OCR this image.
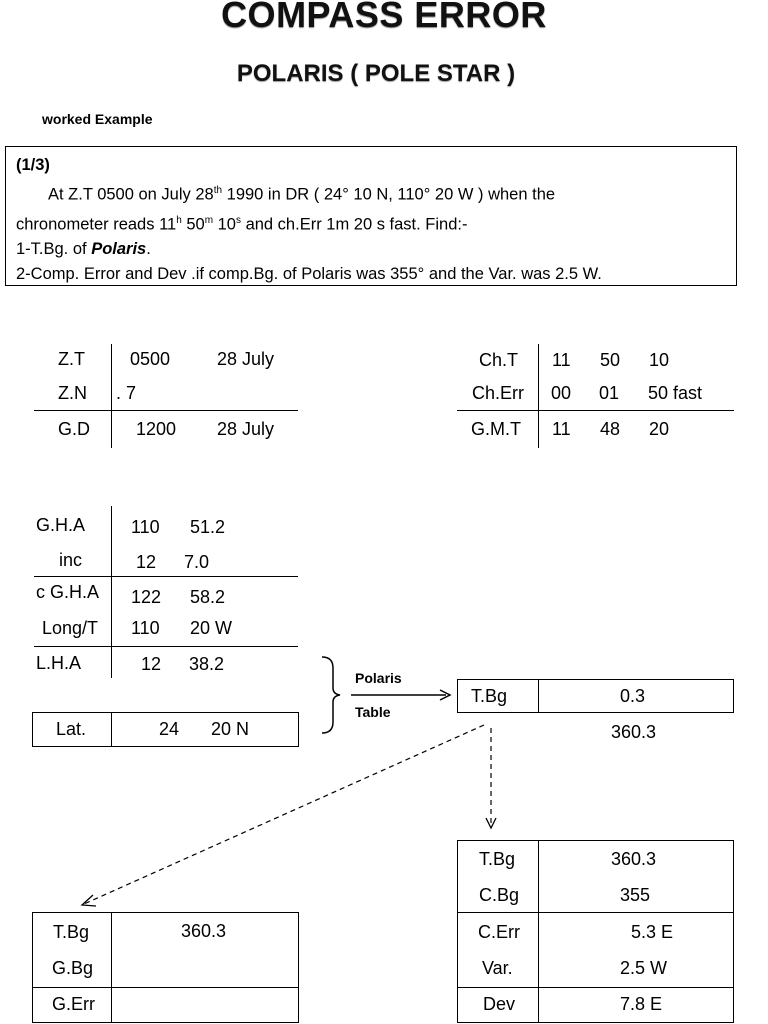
COMPASS ERROR
POLARIS ( POLE STAR )
worked Example
(1/3)
At Z.T 0500 on July 28th 1990 in DR ( 24° 10 N, 110° 20 W ) when the
chronometer reads 11$^h$ 50$^m$ 10$^s$ and ch.Err 1m 20 s fast. Find:-
1-T.Bg. of Polaris.
2-Comp. Error and Dev .if comp.Bg. of Polaris was 355° and the Var. was 2.5 W.
Z.T	0500	28 July
Z.N . 7
G.D	1200 28 July
Ch.T 11 50 10
Ch.Err 00 01 50 fast
G.M.T 11 48 20
G.H.A	110 51.2
inc	12 7.0
c G.H.A 122 58.2
Long/T 110 20 W
L.H.A	12 38.2
Lat.	24 20 N
Polaris
Table
T.Bg	0.3
360.3
T.Bg	360.3
C.Bg	355
C.Err	5.3 E
Var.	2.5 W
Dev	7.8 E
T.Bg	360.3
G.Bg
G.Err
